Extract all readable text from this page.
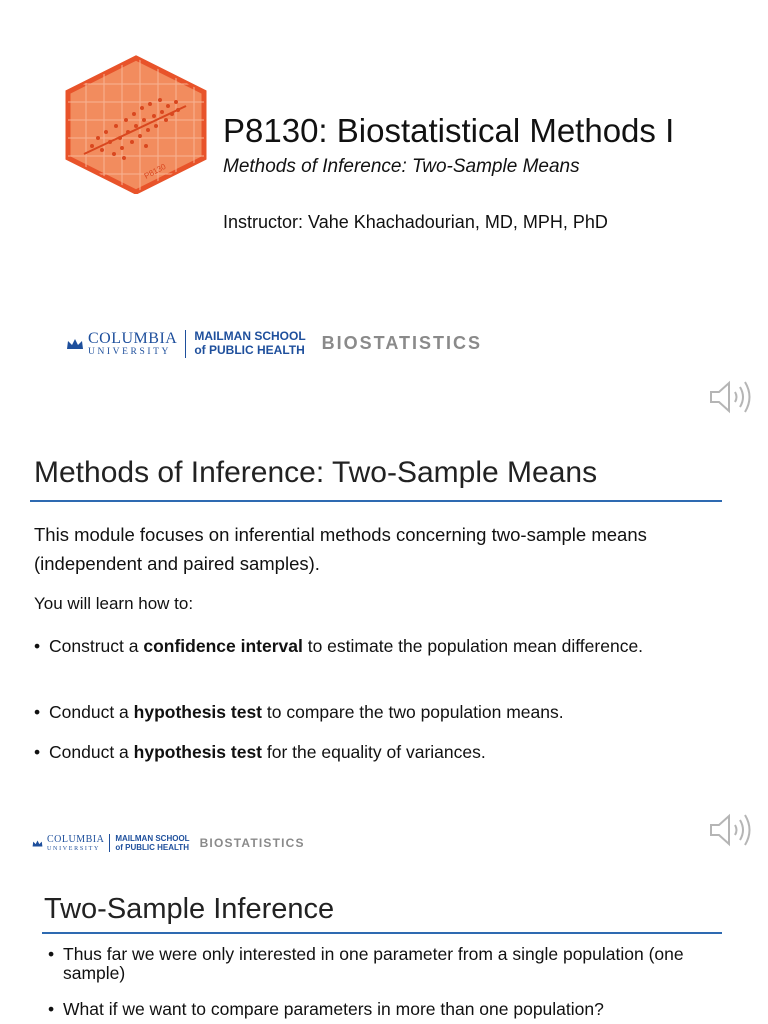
P8130
P8130: Biostatistical Methods I
Methods of Inference: Two-Sample Means
Instructor: Vahe Khachadourian, MD, MPH, PhD
COLUMBIA
UNIVERSITY
MAILMAN SCHOOL
of PUBLIC HEALTH BIOSTATISTICS
Methods of Inference: Two-Sample Means

This module focuses on inferential methods concerning two-sample means (independent and paired samples).

You will learn how to:
• Construct a confidence interval to estimate the population mean difference.
• Conduct a hypothesis test to compare the two population means.
• Conduct a hypothesis test for the equality of variances.
COLUMBIA
UNIVERSITY
MAILMAN SCHOOL
of PUBLIC HEALTH BIOSTATISTICS
Two-Sample Inference
• Thus far we were only interested in one parameter from a single population (one sample)
• What if we want to compare parameters in more than one population?
